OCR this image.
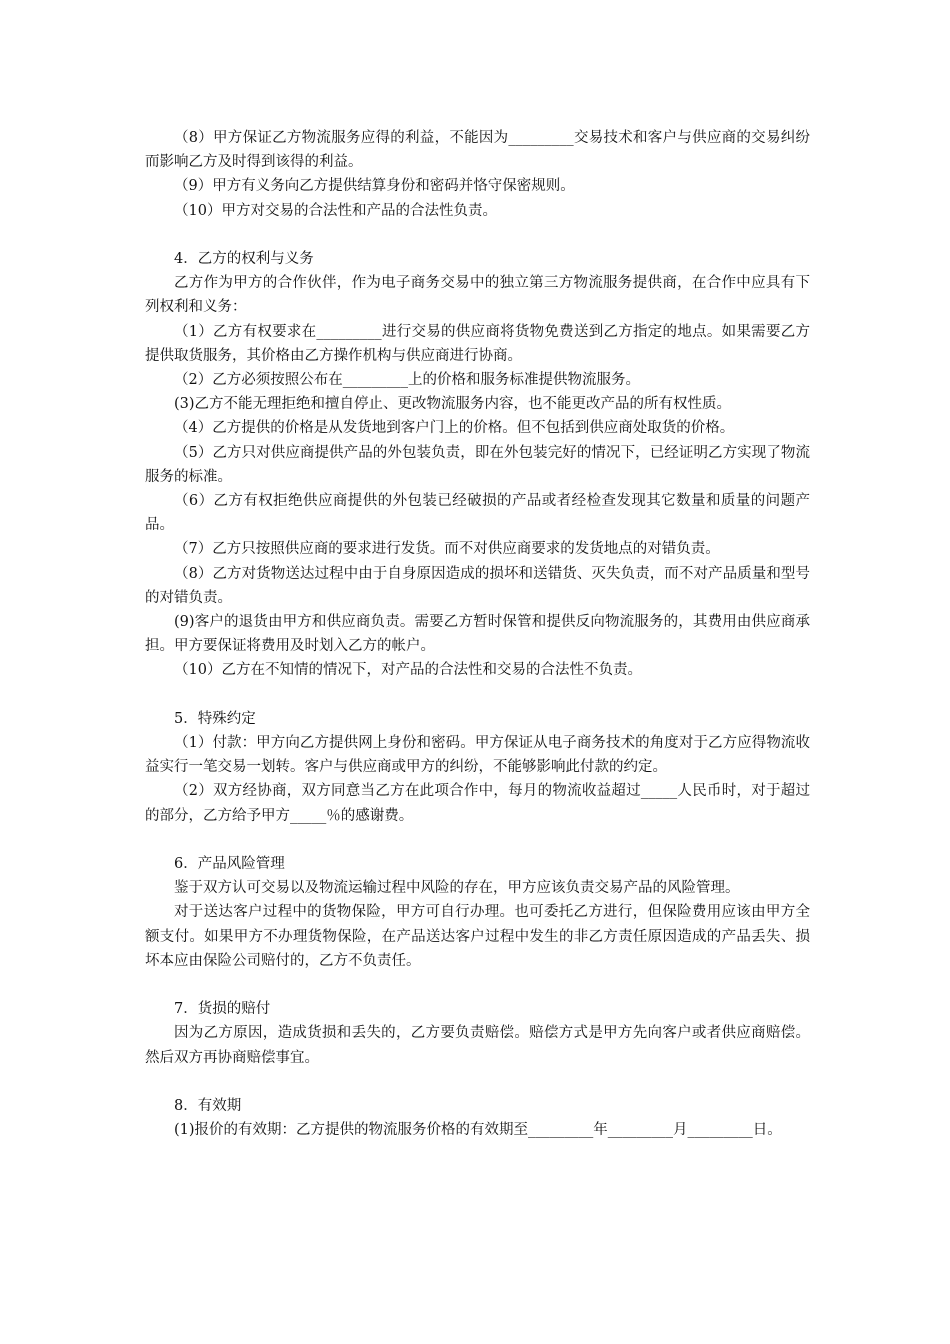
（8）甲方保证乙方物流服务应得的利益，不能因为_________交易技术和客户与供应商的交易纠纷而影响乙方及时得到该得的利益。

（9）甲方有义务向乙方提供结算身份和密码并恪守保密规则。

（10）甲方对交易的合法性和产品的合法性负责。

4．乙方的权利与义务

乙方作为甲方的合作伙伴，作为电子商务交易中的独立第三方物流服务提供商，在合作中应具有下列权利和义务：

（1）乙方有权要求在_________进行交易的供应商将货物免费送到乙方指定的地点。如果需要乙方提供取货服务，其价格由乙方操作机构与供应商进行协商。

（2）乙方必须按照公布在_________上的价格和服务标准提供物流服务。

(3)乙方不能无理拒绝和擅自停止、更改物流服务内容，也不能更改产品的所有权性质。

（4）乙方提供的价格是从发货地到客户门上的价格。但不包括到供应商处取货的价格。

（5）乙方只对供应商提供产品的外包装负责，即在外包装完好的情况下，已经证明乙方实现了物流服务的标准。

（6）乙方有权拒绝供应商提供的外包装已经破损的产品或者经检查发现其它数量和质量的问题产品。

（7）乙方只按照供应商的要求进行发货。而不对供应商要求的发货地点的对错负责。

（8）乙方对货物送达过程中由于自身原因造成的损坏和送错货、灭失负责，而不对产品质量和型号的对错负责。

(9)客户的退货由甲方和供应商负责。需要乙方暂时保管和提供反向物流服务的，其费用由供应商承担。甲方要保证将费用及时划入乙方的帐户。

（10）乙方在不知情的情况下，对产品的合法性和交易的合法性不负责。

5．特殊约定

（1）付款：甲方向乙方提供网上身份和密码。甲方保证从电子商务技术的角度对于乙方应得物流收益实行一笔交易一划转。客户与供应商或甲方的纠纷，不能够影响此付款的约定。

（2）双方经协商，双方同意当乙方在此项合作中，每月的物流收益超过_____人民币时，对于超过的部分，乙方给予甲方_____％的感谢费。

6．产品风险管理

鉴于双方认可交易以及物流运输过程中风险的存在，甲方应该负责交易产品的风险管理。

对于送达客户过程中的货物保险，甲方可自行办理。也可委托乙方进行，但保险费用应该由甲方全额支付。如果甲方不办理货物保险，在产品送达客户过程中发生的非乙方责任原因造成的产品丢失、损坏本应由保险公司赔付的，乙方不负责任。

7．货损的赔付

因为乙方原因，造成货损和丢失的，乙方要负责赔偿。赔偿方式是甲方先向客户或者供应商赔偿。然后双方再协商赔偿事宜。

8．有效期

(1)报价的有效期：乙方提供的物流服务价格的有效期至_________年_________月_________日。
